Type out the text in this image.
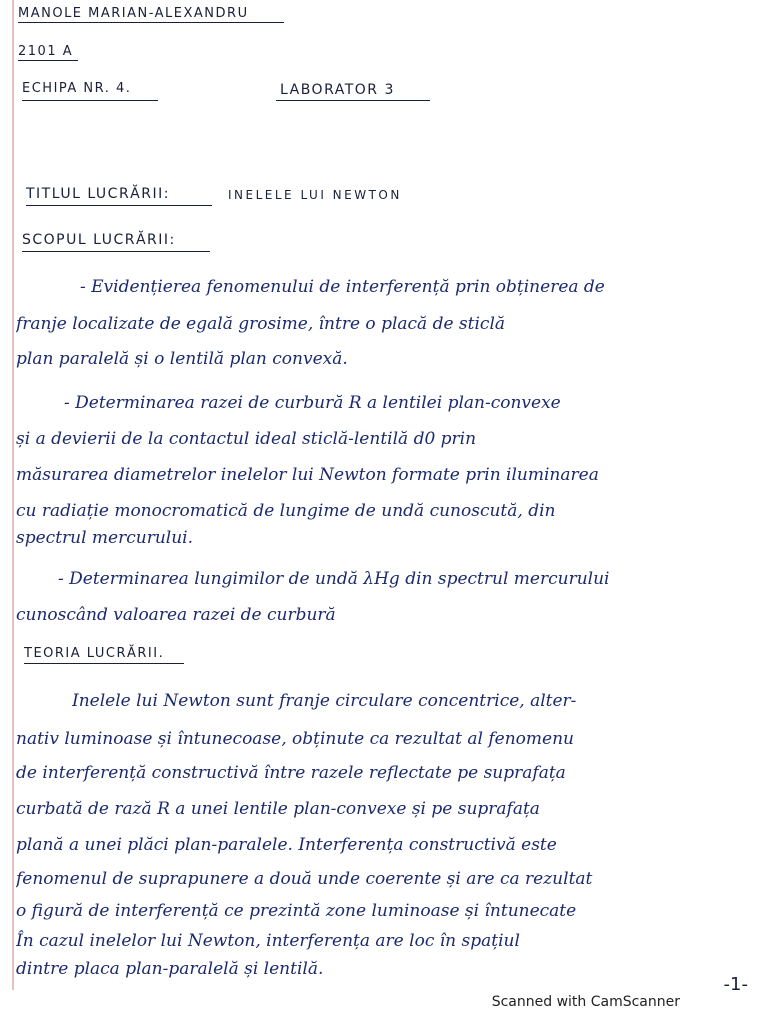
MANOLE MARIAN-ALEXANDRU
2101 A
ECHIPA NR. 4.	LABORATOR 3
TITLUL LUCRĂRII:	INELELE LUI NEWTON
SCOPUL LUCRĂRII:
- Evidențierea fenomenului de interferență prin obținerea de
franje localizate de egală grosime, între o placă de sticlă
plan paralelă și o lentilă plan convexă.
- Determinarea razei de curbură R a lentilei plan-convexe
și a devierii de la contactul ideal sticlă-lentilă d0 prin
măsurarea diametrelor inelelor lui Newton formate prin iluminarea
cu radiație monocromatică de lungime de undă cunoscută, din
spectrul mercurului.
- Determinarea lungimilor de undă λHg din spectrul mercurului
cunoscând valoarea razei de curbură
TEORIA LUCRĂRII.
Inelele lui Newton sunt franje circulare concentrice, alter-
nativ luminoase și întunecoase, obținute ca rezultat al fenomenu
de interferență constructivă între razele reflectate pe suprafața
curbată de rază R a unei lentile plan-convexe și pe suprafața
plană a unei plăci plan-paralele. Interferența constructivă este
fenomenul de suprapunere a două unde coerente și are ca rezultat
o figură de interferență ce prezintă zone luminoase și întunecate
În cazul inelelor lui Newton, interferența are loc în spațiul
dintre placa plan-paralelă și lentilă.
-1-
Scanned with CamScanner
